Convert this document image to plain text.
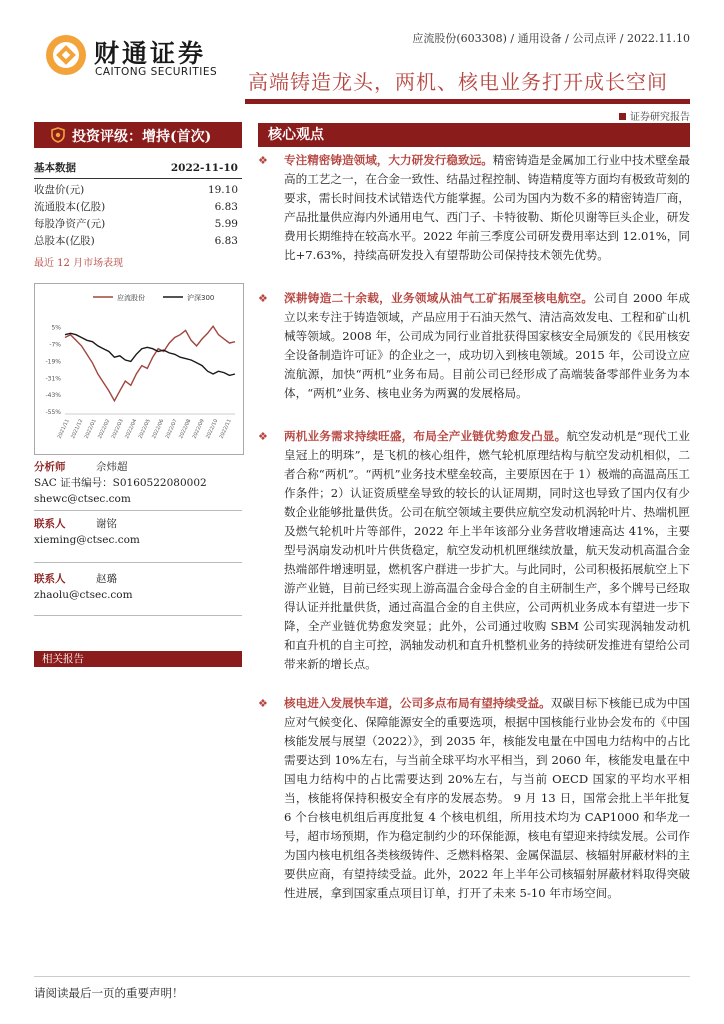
财通证券
CAITONG SECURITIES
应流股份(603308) / 通用设备 / 公司点评 / 2022.11.10
高端铸造龙头，两机、核电业务打开成长空间
证券研究报告
投资评级：增持(首次)
基本数据	2022-11-10
收盘价(元)	19.10
流通股本(亿股)	6.83
每股净资产(元)	5.99
总股本(亿股)	6.83
最近 12 月市场表现
应流股份	沪深300
5%
-7%
-19%
-31%
-43%
-55%
2021/11 2021/12 2022/01 2022/02 2022/03 2022/04 2022/05 2022/06 2022/07 2022/08 2022/09 2022/10 2022/11
分析师	佘炜超
SAC 证书编号：S0160522080002
shewc@ctsec.com
联系人	谢铭
xieming@ctsec.com
联系人	赵璐
zhaolu@ctsec.com
相关报告
核心观点
❖ 专注精密铸造领域，大力研发行稳致远。精密铸造是金属加工行业中技术壁垒最高的工艺之一，在合金一致性、结晶过程控制、铸造精度等方面均有极致苛刻的要求，需长时间技术试错迭代方能掌握。公司为国内为数不多的精密铸造厂商，产品批量供应海内外通用电气、西门子、卡特彼勒、斯伦贝谢等巨头企业，研发费用长期维持在较高水平。2022 年前三季度公司研发费用率达到 12.01%，同比+7.63%，持续高研发投入有望帮助公司保持技术领先优势。
❖ 深耕铸造二十余载，业务领域从油气工矿拓展至核电航空。公司自 2000 年成立以来专注于铸造领域，产品应用于石油天然气、清洁高效发电、工程和矿山机械等领域。2008 年，公司成为同行业首批获得国家核安全局颁发的《民用核安全设备制造许可证》的企业之一，成功切入到核电领域。2015 年，公司设立应流航源，加快“两机”业务布局。目前公司已经形成了高端装备零部件业务为本体，“两机”业务、核电业务为两翼的发展格局。
❖ 两机业务需求持续旺盛，布局全产业链优势愈发凸显。航空发动机是“现代工业皇冠上的明珠”，是飞机的核心组件，燃气轮机原理结构与航空发动机相似，二者合称“两机”。“两机”业务技术壁垒较高，主要原因在于 1）极端的高温高压工作条件；2）认证资质壁垒导致的较长的认证周期，同时这也导致了国内仅有少数企业能够批量供货。公司在航空领域主要供应航空发动机涡轮叶片、热端机匣及燃气轮机叶片等部件，2022 年上半年该部分业务营收增速高达 41%，主要型号涡扇发动机叶片供货稳定，航空发动机机匣继续放量，航天发动机高温合金热端部件增速明显，燃机客户群进一步扩大。与此同时，公司积极拓展航空上下游产业链，目前已经实现上游高温合金母合金的自主研制生产，多个牌号已经取得认证并批量供货，通过高温合金的自主供应，公司两机业务成本有望进一步下降，全产业链优势愈发突显；此外，公司通过收购 SBM 公司实现涡轴发动机和直升机的自主可控，涡轴发动机和直升机整机业务的持续研发推进有望给公司带来新的增长点。
❖ 核电进入发展快车道，公司多点布局有望持续受益。双碳目标下核能已成为中国应对气候变化、保障能源安全的重要选项，根据中国核能行业协会发布的《中国核能发展与展望（2022）》，到 2035 年，核能发电量在中国电力结构中的占比需要达到 10%左右，与当前全球平均水平相当，到 2060 年，核能发电量在中国电力结构中的占比需要达到 20%左右，与当前 OECD 国家的平均水平相当，核能将保持积极安全有序的发展态势。 9 月 13 日，国常会批上半年批复 6 个台核电机组后再度批复 4 个核电机组，所用技术均为 CAP1000 和华龙一号，超市场预期，作为稳定制约少的环保能源，核电有望迎来持续发展。公司作为国内核电机组各类核级铸件、乏燃料格架、金属保温层、核辐射屏蔽材料的主要供应商，有望持续受益。此外，2022 年上半年公司核辐射屏蔽材料取得突破性进展，拿到国家重点项目订单，打开了未来 5-10 年市场空间。
请阅读最后一页的重要声明！
